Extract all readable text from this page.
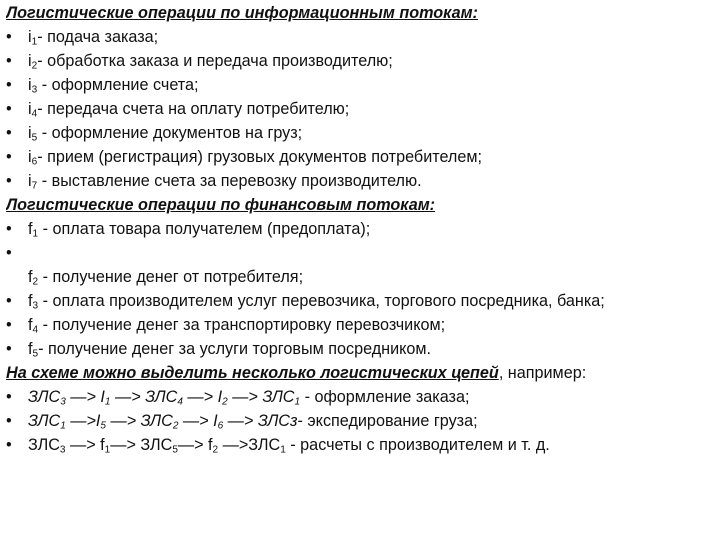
Логистические операции по информационным потокам:
•	$i_1-$ подача заказа;
•	$i_2-$ обработка заказа и передача производителю;
•	$i_3$ - оформление счета;
•	$i_4-$ передача счета на оплату потребителю;
•	$i_5$ - оформление документов на груз;
•	$i_6-$ прием (регистрация) грузовых документов потребителем;
•	$i_7$ - выставление счета за перевозку производителю.
Логистические операции по финансовым потокам:
•	$f_1$ - оплата товара получателем (предоплата);
•
$f_2$ - получение денег от потребителя;
•	$f_3$ - оплата производителем услуг перевозчика, торгового посредника, банка;
•	$f_4$ - получение денег за транспортировку перевозчиком;
•	$f_5-$ получение денег за услуги торговым посредником.
На схеме можно выделить несколько логистических цепей, например:
•	$ЗЛС_3$ —> $I_1$ —> $ЗЛС_4$ —> $I_2$ —> $ЗЛС_1$ - оформление заказа;
•	$ЗЛС_1$ $—>I_5$ —> $ЗЛС_2$ —> $I_6$ —> ЗЛСз- экспедирование груза;
•	$ЗЛС_3$ —> $f_1—>$ $ЗЛС_5—> f_2$ $—>ЗЛС_1$ - расчеты с производителем и т. д.
